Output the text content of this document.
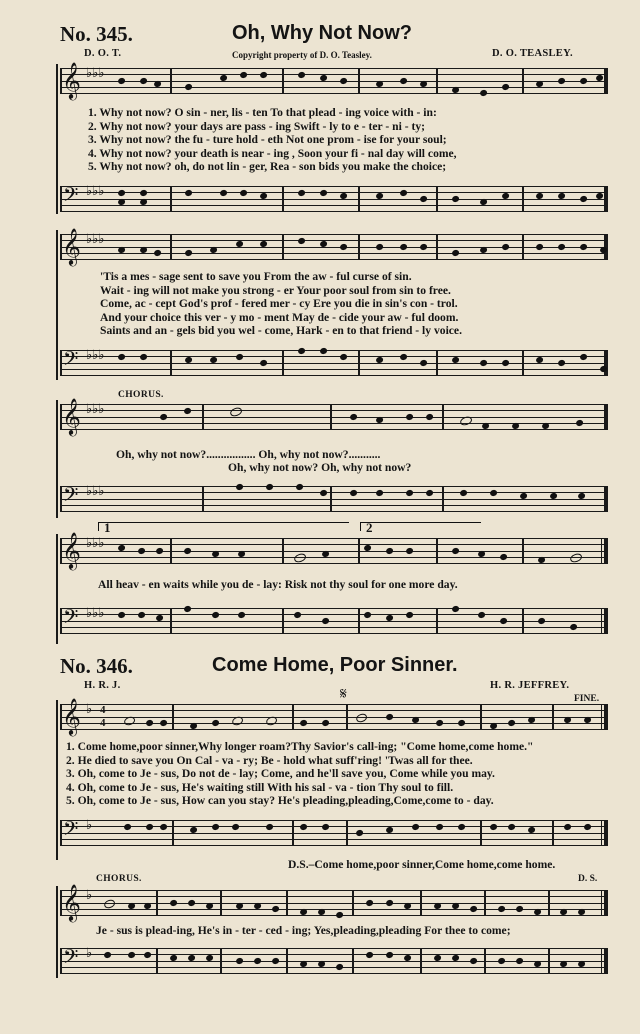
No. 345.	Oh, Why Not Now?
D. O. T.	Copyright property of D. O. Teasley.	D. O. TEASLEY.
𝄞 ♭♭♭
1. Why not now? O sin - ner, lis - ten To that plead - ing voice with - in:
2. Why not now? your days are pass - ing Swift - ly to e - ter - ni - ty;
3. Why not now? the fu - ture hold - eth Not one prom - ise for your soul;
4. Why not now? your death is near - ing , Soon your fi - nal day will come,
5. Why not now? oh, do not lin - ger, Rea - son bids you make the choice;
𝄢 ♭♭♭
𝄞 ♭♭♭
'Tis a mes - sage sent to save you From the aw - ful curse of sin.
Wait - ing will not make you strong - er Your poor soul from sin to free.
Come, ac - cept God's prof - fered mer - cy Ere you die in sin's con - trol.
And your choice this ver - y mo - ment May de - cide your aw - ful doom.
Saints and an - gels bid you wel - come, Hark - en to that friend - ly voice.
𝄢 ♭♭♭
CHORUS.
𝄞 ♭♭♭
Oh, why not now?................. Oh, why not now?...........
Oh, why not now? Oh, why not now?
𝄢 ♭♭♭
1	2
𝄞 ♭♭♭
All heav - en waits while you de - lay: Risk not thy soul for one more day.
𝄢 ♭♭♭
No. 346.	Come Home, Poor Sinner.
H. R. J.	H. R. JEFFREY.
FINE.
𝄋
𝄞 ♭ 4
4
1. Come home,poor sinner,Why longer roam?Thy Savior's call-ing; "Come home,come home."
2. He died to save you On Cal - va - ry; Be - hold what suff'ring! 'Twas all for thee.
3. Oh, come to Je - sus, Do not de - lay; Come, and he'll save you, Come while you may.
4. Oh, come to Je - sus, He's waiting still With his sal - va - tion Thy soul to fill.
5. Oh, come to Je - sus, How can you stay? He's pleading,pleading,Come,come to - day.
𝄢 ♭
D.S.–Come home,poor sinner,Come home,come home.
CHORUS.	D. S.
𝄞 ♭
Je - sus is plead-ing, He's in - ter - ced - ing; Yes,pleading,pleading For thee to come;
𝄢 ♭
